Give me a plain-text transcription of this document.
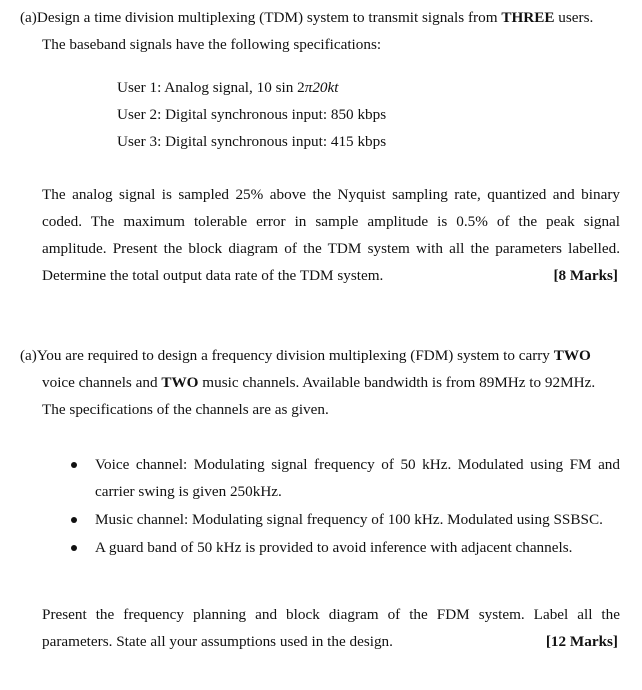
(a)Design a time division multiplexing (TDM) system to transmit signals from THREE users.
The baseband signals have the following specifications:
User 1: Analog signal, 10 sin 2π20kt
User 2: Digital synchronous input: 850 kbps
User 3: Digital synchronous input: 415 kbps
The analog signal is sampled 25% above the Nyquist sampling rate, quantized and binary
coded. The maximum tolerable error in sample amplitude is 0.5% of the peak signal
amplitude. Present the block diagram of the TDM system with all the parameters labelled.
Determine the total output data rate of the TDM system.	[8 Marks]
(a)You are required to design a frequency division multiplexing (FDM) system to carry TWO
voice channels and TWO music channels. Available bandwidth is from 89MHz to 92MHz.
The specifications of the channels are as given.
Voice channel: Modulating signal frequency of 50 kHz. Modulated using FM and
carrier swing is given 250kHz.
Music channel: Modulating signal frequency of 100 kHz. Modulated using SSBSC.
A guard band of 50 kHz is provided to avoid inference with adjacent channels.
Present the frequency planning and block diagram of the FDM system. Label all the
parameters. State all your assumptions used in the design.	[12 Marks]
